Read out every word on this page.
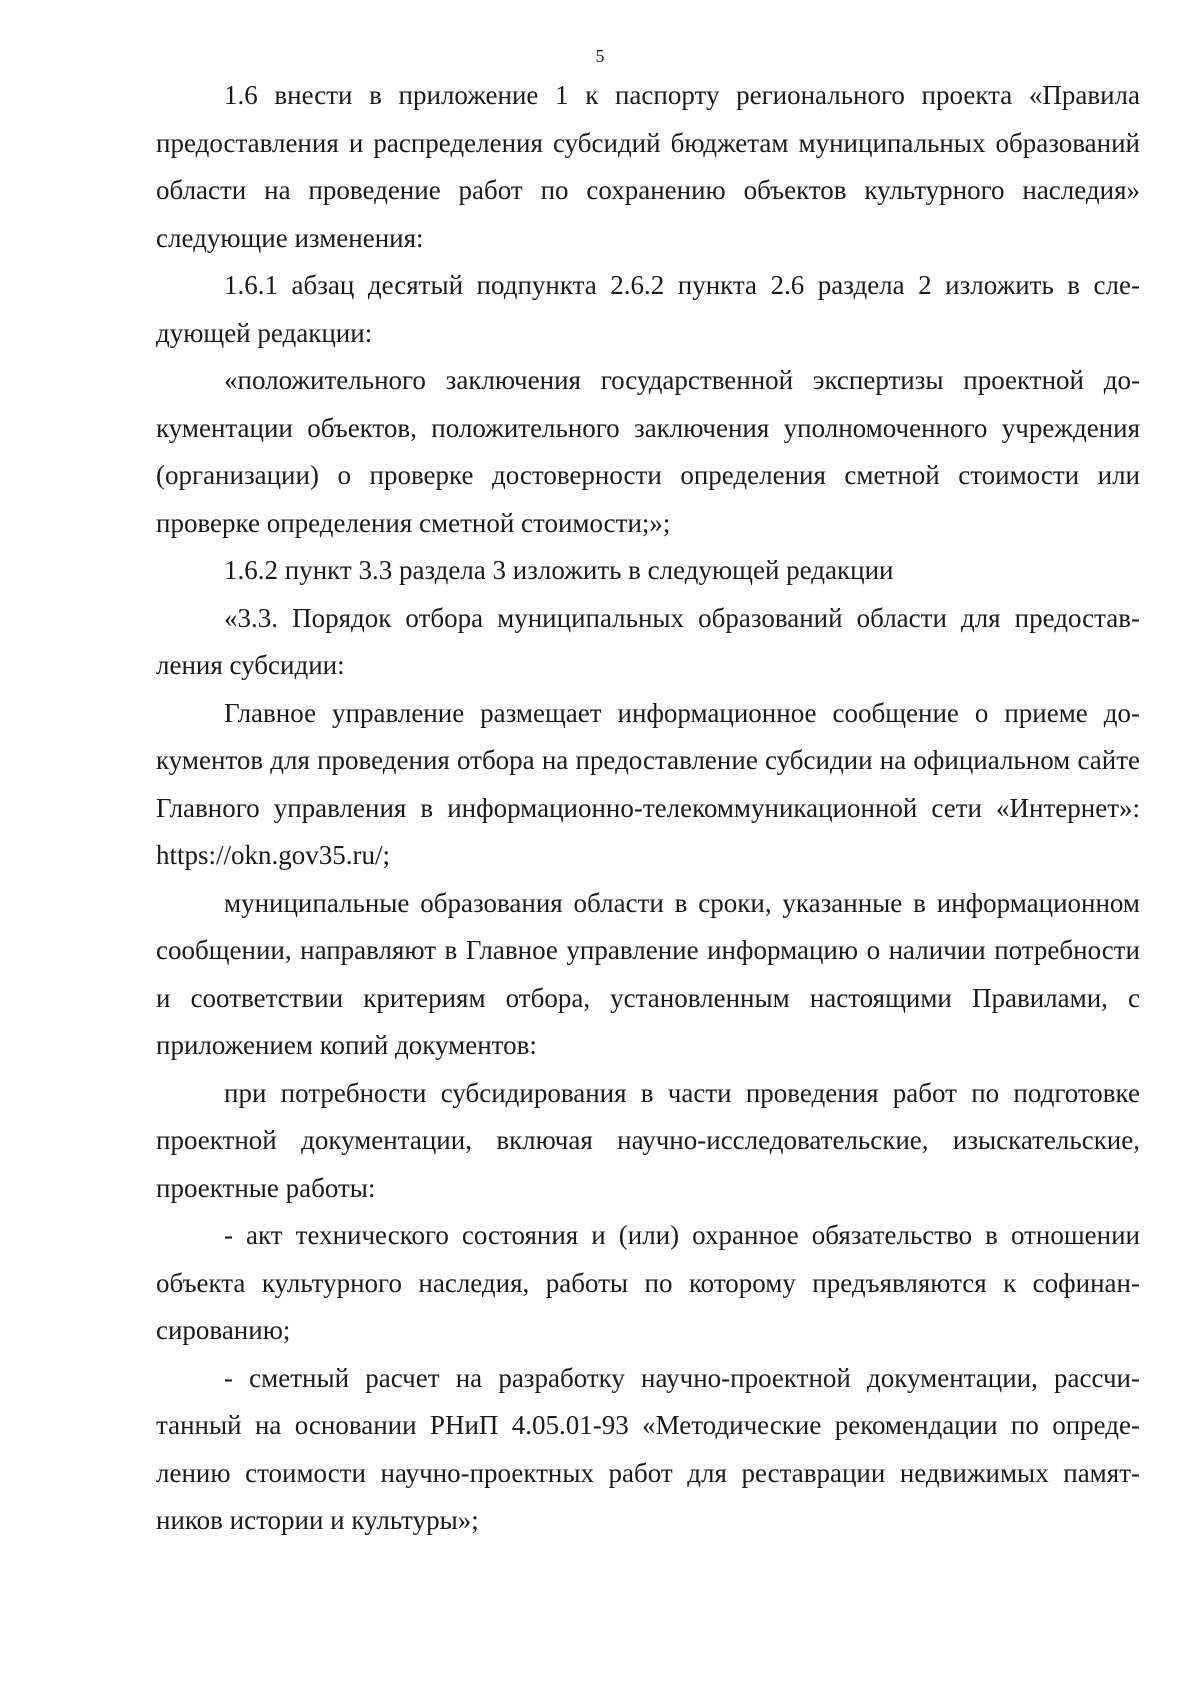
5

1.6 внести в приложение 1 к паспорту регионального проекта «Правила предоставления и распределения субсидий бюджетам муниципальных образований области на проведение работ по сохранению объектов культурного наследия» следующие изменения:

1.6.1 абзац десятый подпункта 2.6.2 пункта 2.6 раздела 2 изложить в следующей редакции:

«положительного заключения государственной экспертизы проектной документации объектов, положительного заключения уполномоченного учреждения (организации) о проверке достоверности определения сметной стоимости или проверке определения сметной стоимости;»;

1.6.2 пункт 3.3 раздела 3 изложить в следующей редакции

«3.3. Порядок отбора муниципальных образований области для предоставления субсидии:

Главное управление размещает информационное сообщение о приеме документов для проведения отбора на предоставление субсидии на официальном сайте Главного управления в информационно-телекоммуникационной сети «Интернет»: https://okn.gov35.ru/;

муниципальные образования области в сроки, указанные в информационном сообщении, направляют в Главное управление информацию о наличии потребности и соответствии критериям отбора, установленным настоящими Правилами, с приложением копий документов:

при потребности субсидирования в части проведения работ по подготовке проектной документации, включая научно-исследовательские, изыскательские, проектные работы:

- акт технического состояния и (или) охранное обязательство в отношении объекта культурного наследия, работы по которому предъявляются к софинансированию;

- сметный расчет на разработку научно-проектной документации, рассчитанный на основании РНиП 4.05.01-93 «Методические рекомендации по определению стоимости научно-проектных работ для реставрации недвижимых памятников истории и культуры»;
